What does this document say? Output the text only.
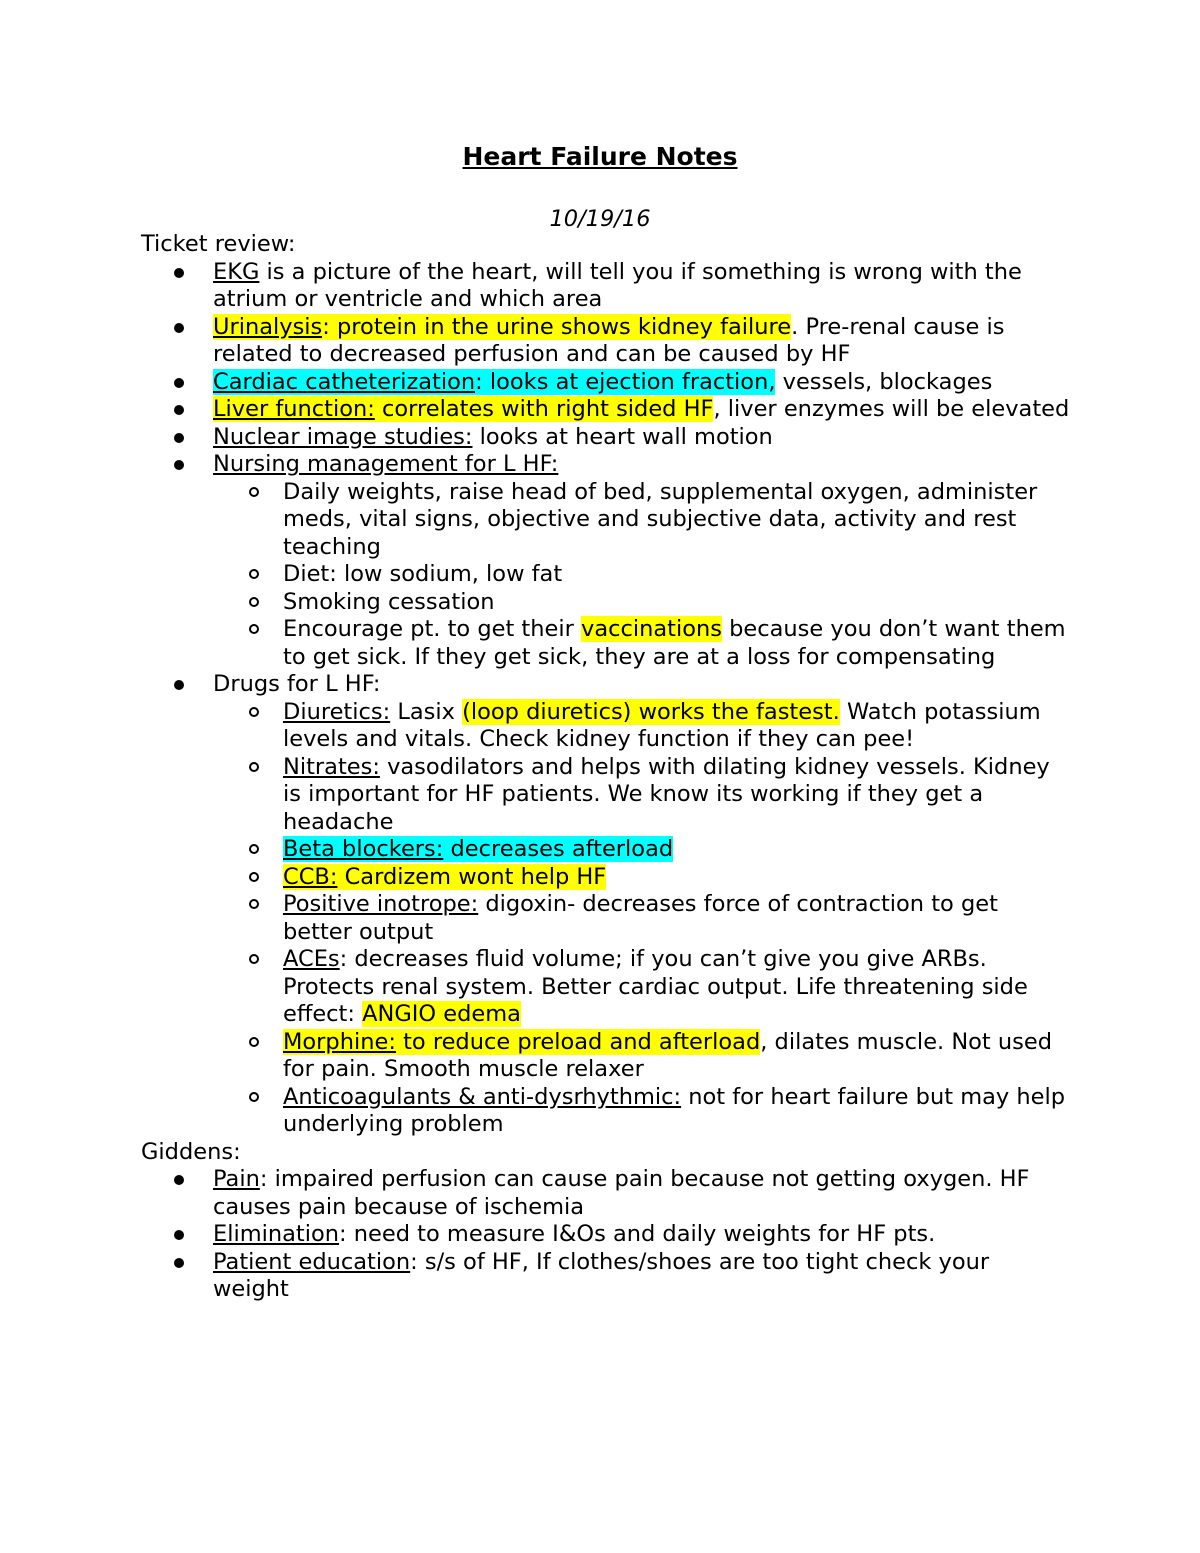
Heart Failure Notes
10/19/16
Ticket review:
EKG is a picture of the heart, will tell you if something is wrong with the atrium or ventricle and which area
Urinalysis: protein in the urine shows kidney failure. Pre-renal cause is related to decreased perfusion and can be caused by HF
Cardiac catheterization: looks at ejection fraction, vessels, blockages
Liver function: correlates with right sided HF, liver enzymes will be elevated
Nuclear image studies: looks at heart wall motion
Nursing management for L HF:
Daily weights, raise head of bed, supplemental oxygen, administer meds, vital signs, objective and subjective data, activity and rest teaching
Diet: low sodium, low fat
Smoking cessation
Encourage pt. to get their vaccinations because you don’t want them to get sick. If they get sick, they are at a loss for compensating
Drugs for L HF:
Diuretics: Lasix (loop diuretics) works the fastest. Watch potassium levels and vitals. Check kidney function if they can pee!
Nitrates: vasodilators and helps with dilating kidney vessels. Kidney is important for HF patients. We know its working if they get a headache
Beta blockers: decreases afterload
CCB: Cardizem wont help HF
Positive inotrope: digoxin- decreases force of contraction to get better output
ACEs: decreases fluid volume; if you can’t give you give ARBs. Protects renal system. Better cardiac output. Life threatening side effect: ANGIO edema
Morphine: to reduce preload and afterload, dilates muscle. Not used for pain. Smooth muscle relaxer
Anticoagulants & anti-dysrhythmic: not for heart failure but may help underlying problem
Giddens:
Pain: impaired perfusion can cause pain because not getting oxygen. HF causes pain because of ischemia
Elimination: need to measure I&Os and daily weights for HF pts.
Patient education: s/s of HF, If clothes/shoes are too tight check your weight
